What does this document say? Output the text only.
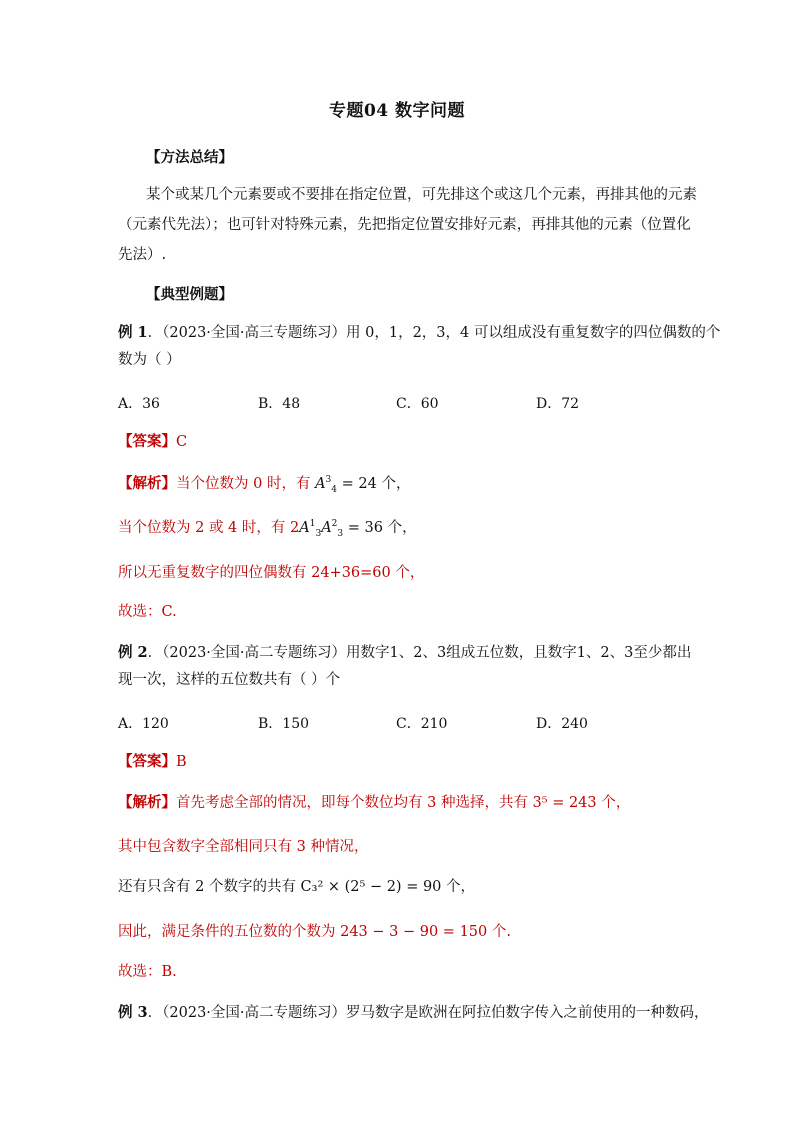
专题04 数字问题
【方法总结】
某个或某几个元素要或不要排在指定位置，可先排这个或这几个元素，再排其他的元素
（元素代先法）；也可针对特殊元素，先把指定位置安排好元素，再排其他的元素（位置化
先法）.
【典型例题】
例 1．（2023·全国·高三专题练习）用 0，1，2，3，4 可以组成没有重复数字的四位偶数的个
数为（ ）
A．36	B．48	C．60	D．72
【答案】C
【解析】当个位数为 0 时，有 $A^3_4 = 24$ 个，
当个位数为 2 或 4 时，有 $2A^1_3A^2_3 = 36$ 个，
所以无重复数字的四位偶数有 24+36=60 个，
故选：C.
例 2．（2023·全国·高二专题练习）用数字1、2、3组成五位数，且数字1、2、3至少都出
现一次，这样的五位数共有（ ）个
A．120	B．150	C．210	D．240
【答案】B
【解析】首先考虑全部的情况，即每个数位均有 3 种选择，共有 3⁵ = 243 个，
其中包含数字全部相同只有 3 种情况，
还有只含有 2 个数字的共有 C₃² × (2⁵ − 2) = 90 个，
因此，满足条件的五位数的个数为 243 − 3 − 90 = 150 个.
故选：B.
例 3．（2023·全国·高二专题练习）罗马数字是欧洲在阿拉伯数字传入之前使用的一种数码，
